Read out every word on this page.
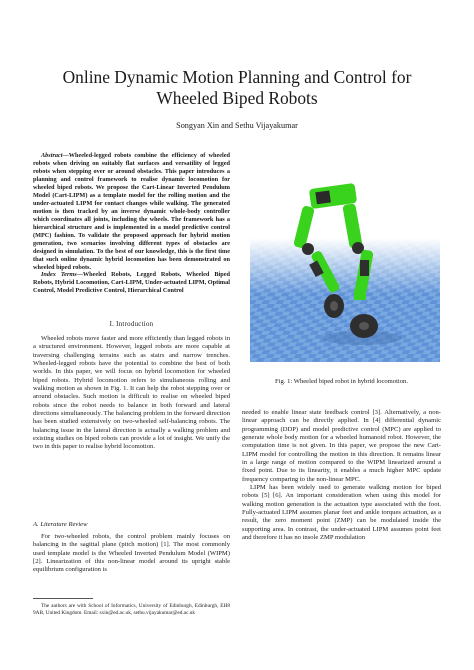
Online Dynamic Motion Planning and Control for
Wheeled Biped Robots
Songyan Xin and Sethu Vijayakumar
Abstract—Wheeled-legged robots combine the efficiency of wheeled robots when driving on suitably flat surfaces and versatility of legged robots when stepping over or around obstacles. This paper introduces a planning and control framework to realise dynamic locomotion for wheeled biped robots. We propose the Cart-Linear Inverted Pendulum Model (Cart-LIPM) as a template model for the rolling motion and the under-actuated LIPM for contact changes while walking. The generated motion is then tracked by an inverse dynamic whole-body controller which coordinates all joints, including the wheels. The framework has a hierarchical structure and is implemented in a model predictive control (MPC) fashion. To validate the proposed approach for hybrid motion generation, two scenarios involving different types of obstacles are designed in simulation. To the best of our knowledge, this is the first time that such online dynamic hybrid locomotion has been demonstrated on wheeled biped robots.
Index Terms—Wheeled Robots, Legged Robots, Wheeled Biped Robots, Hybrid Locomotion, Cart-LIPM, Under-actuated LIPM, Optimal Control, Model Predictive Control, Hierarchical Control
I. Introduction

Wheeled robots move faster and more efficiently than legged robots in a structured environment. However, legged robots are more capable at traversing challenging terrains such as stairs and narrow trenches. Wheeled-legged robots have the potential to combine the best of both worlds. In this paper, we will focus on hybrid locomotion for wheeled biped robots. Hybrid locomotion refers to simultaneous rolling and walking motion as shown in Fig. 1. It can help the robot stepping over or around obstacles. Such motion is difficult to realise on wheeled biped robots since the robot needs to balance in both forward and lateral directions simultaneously. The balancing problem in the forward direction has been studied extensively on two-wheeled self-balancing robots. The balancing issue in the lateral direction is actually a walking problem and existing studies on biped robots can provide a lot of insight. We unify the two in this paper to realise hybrid locomotion.

A. Literature Review

For two-wheeled robots, the control problem mainly focuses on balancing in the sagittal plane (pitch motion) [1]. The most commonly used template model is the Wheeled Inverted Pendulum Model (WIPM) [2]. Linearization of this non-linear model around its upright stable equilibrium configuration is

The authors are with School of Informatics, University of Edinburgh, Edinburgh, EH8 9AB, United Kingdom. Email: sxin@ed.ac.uk, sethu.vijayakumar@ed.ac.uk
Fig. 1: Wheeled biped robot in hybrid locomotion.

needed to enable linear state feedback control [3]. Alternatively, a non-linear approach can be directly applied. In [4] differential dynamic programming (DDP) and model predictive control (MPC) are applied to generate whole body motion for a wheeled humanoid robot. However, the computation time is not given. In this paper, we propose the new Cart-LIPM model for controlling the motion in this direction. It remains linear in a large range of motion compared to the WIPM linearized around a fixed point. Due to its linearity, it enables a much higher MPC update frequency comparing to the non-linear MPC.

LIPM has been widely used to generate walking motion for biped robots [5] [6]. An important consideration when using this model for walking motion generation is the actuation type associated with the foot. Fully-actuated LIPM assumes planar feet and ankle torques actuation, as a result, the zero moment point (ZMP) can be modulated inside the supporting area. In contrast, the under-actuated LIPM assumes point feet and therefore it has no insole ZMP modulation
